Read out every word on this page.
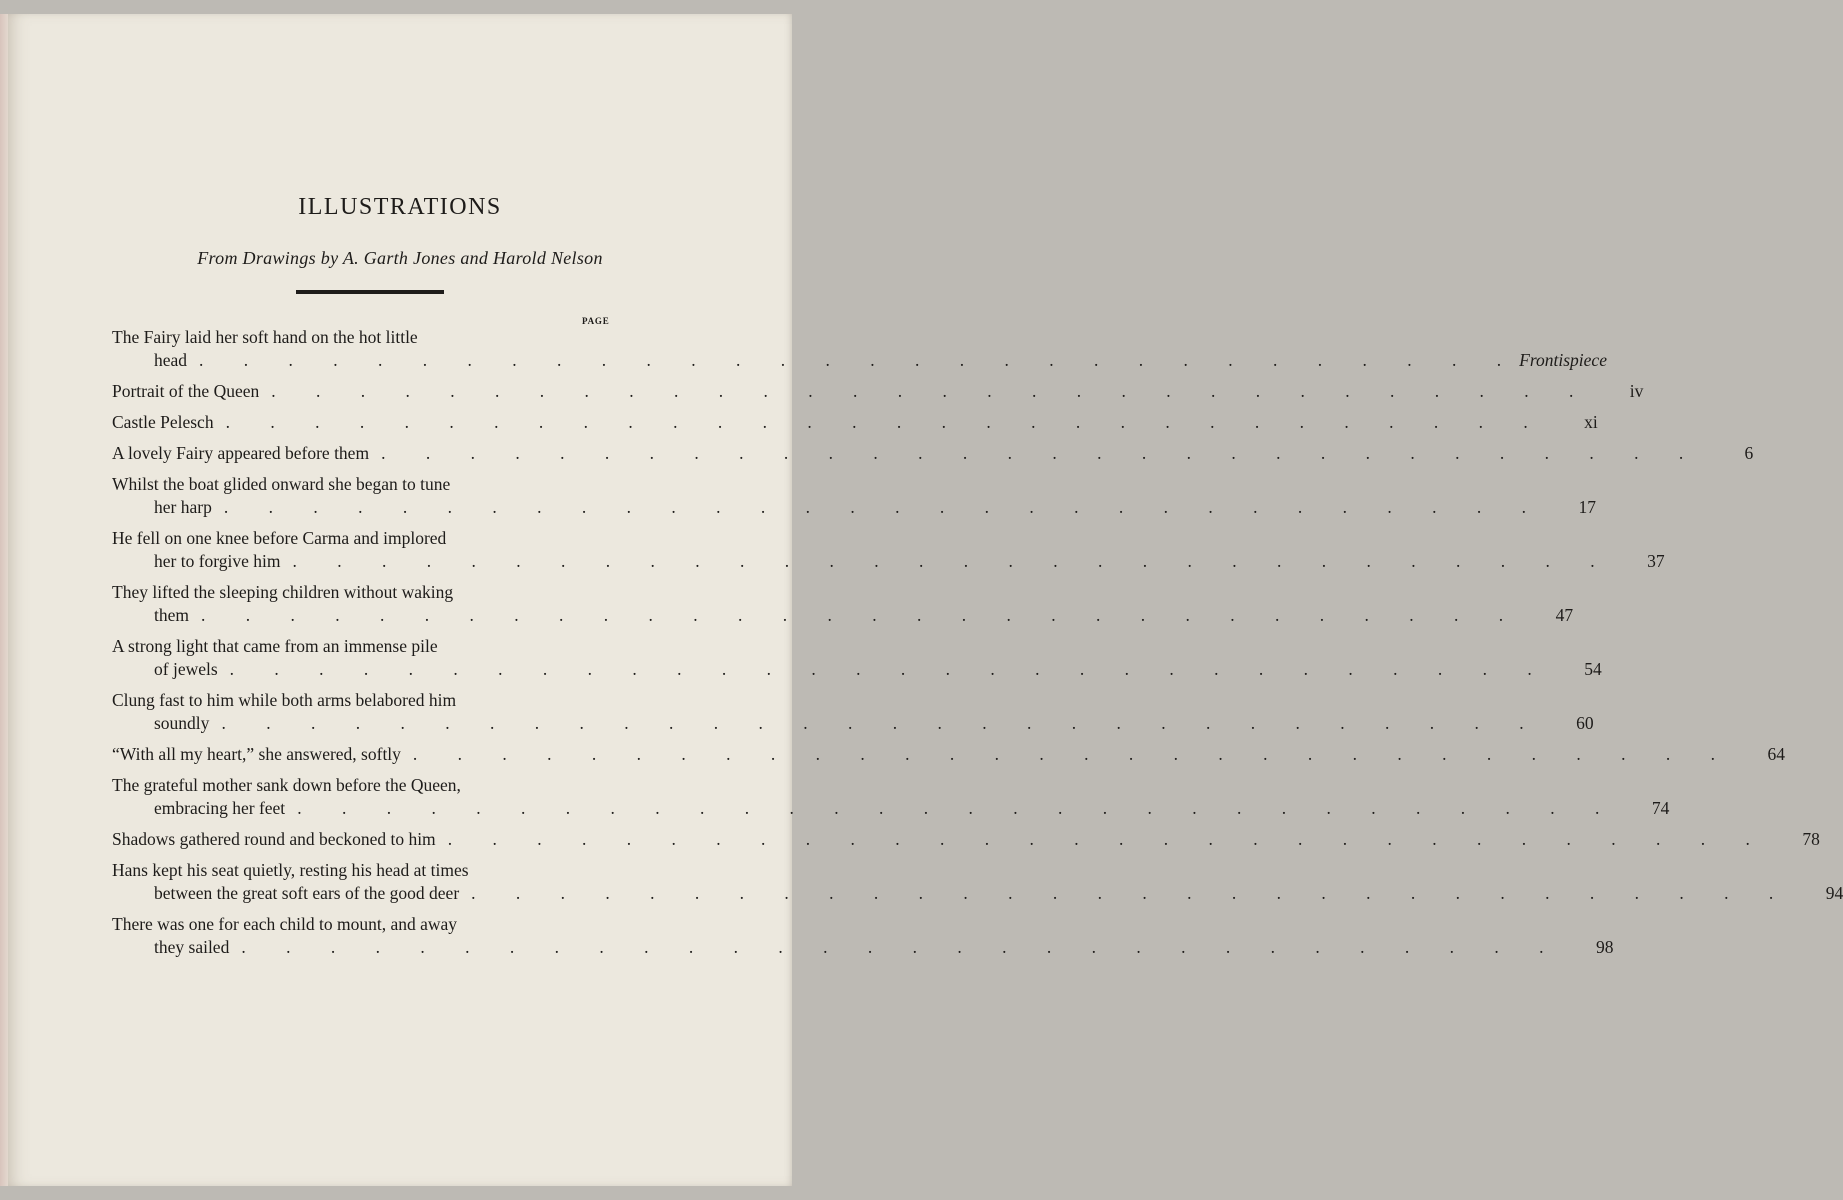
ILLUSTRATIONS
From Drawings by A. Garth Jones and Harold Nelson
PAGE
The Fairy laid her soft hand on the hot little
head . . . . . . . . . . . . . . . . . . . . . . . . . . . . . . Frontispiece
Portrait of the Queen . . . . . . . . . . . . . . . . . . . . . . . . . . . . . .	iv
Castle Pelesch . . . . . . . . . . . . . . . . . . . . . . . . . . . . . .	xi
A lovely Fairy appeared before them . . . . . . . . . . . . . . . . . . . . . . . . . . . . . .	6
Whilst the boat glided onward she began to tune
her harp . . . . . . . . . . . . . . . . . . . . . . . . . . . . . .	17
He fell on one knee before Carma and implored
her to forgive him . . . . . . . . . . . . . . . . . . . . . . . . . . . . . .	37
They lifted the sleeping children without waking
them . . . . . . . . . . . . . . . . . . . . . . . . . . . . . .	47
A strong light that came from an immense pile
of jewels . . . . . . . . . . . . . . . . . . . . . . . . . . . . . .	54
Clung fast to him while both arms belabored him
soundly . . . . . . . . . . . . . . . . . . . . . . . . . . . . . .	60
“With all my heart,” she answered, softly . . . . . . . . . . . . . . . . . . . . . . . . . . . . . .	64
The grateful mother sank down before the Queen,
embracing her feet . . . . . . . . . . . . . . . . . . . . . . . . . . . . . .	74
Shadows gathered round and beckoned to him . . . . . . . . . . . . . . . . . . . . . . . . . . . . . .	78
Hans kept his seat quietly, resting his head at times
between the great soft ears of the good deer . . . . . . . . . . . . . . . . . . . . . . . . . . . . . .	94
There was one for each child to mount, and away
they sailed . . . . . . . . . . . . . . . . . . . . . . . . . . . . . .	98
